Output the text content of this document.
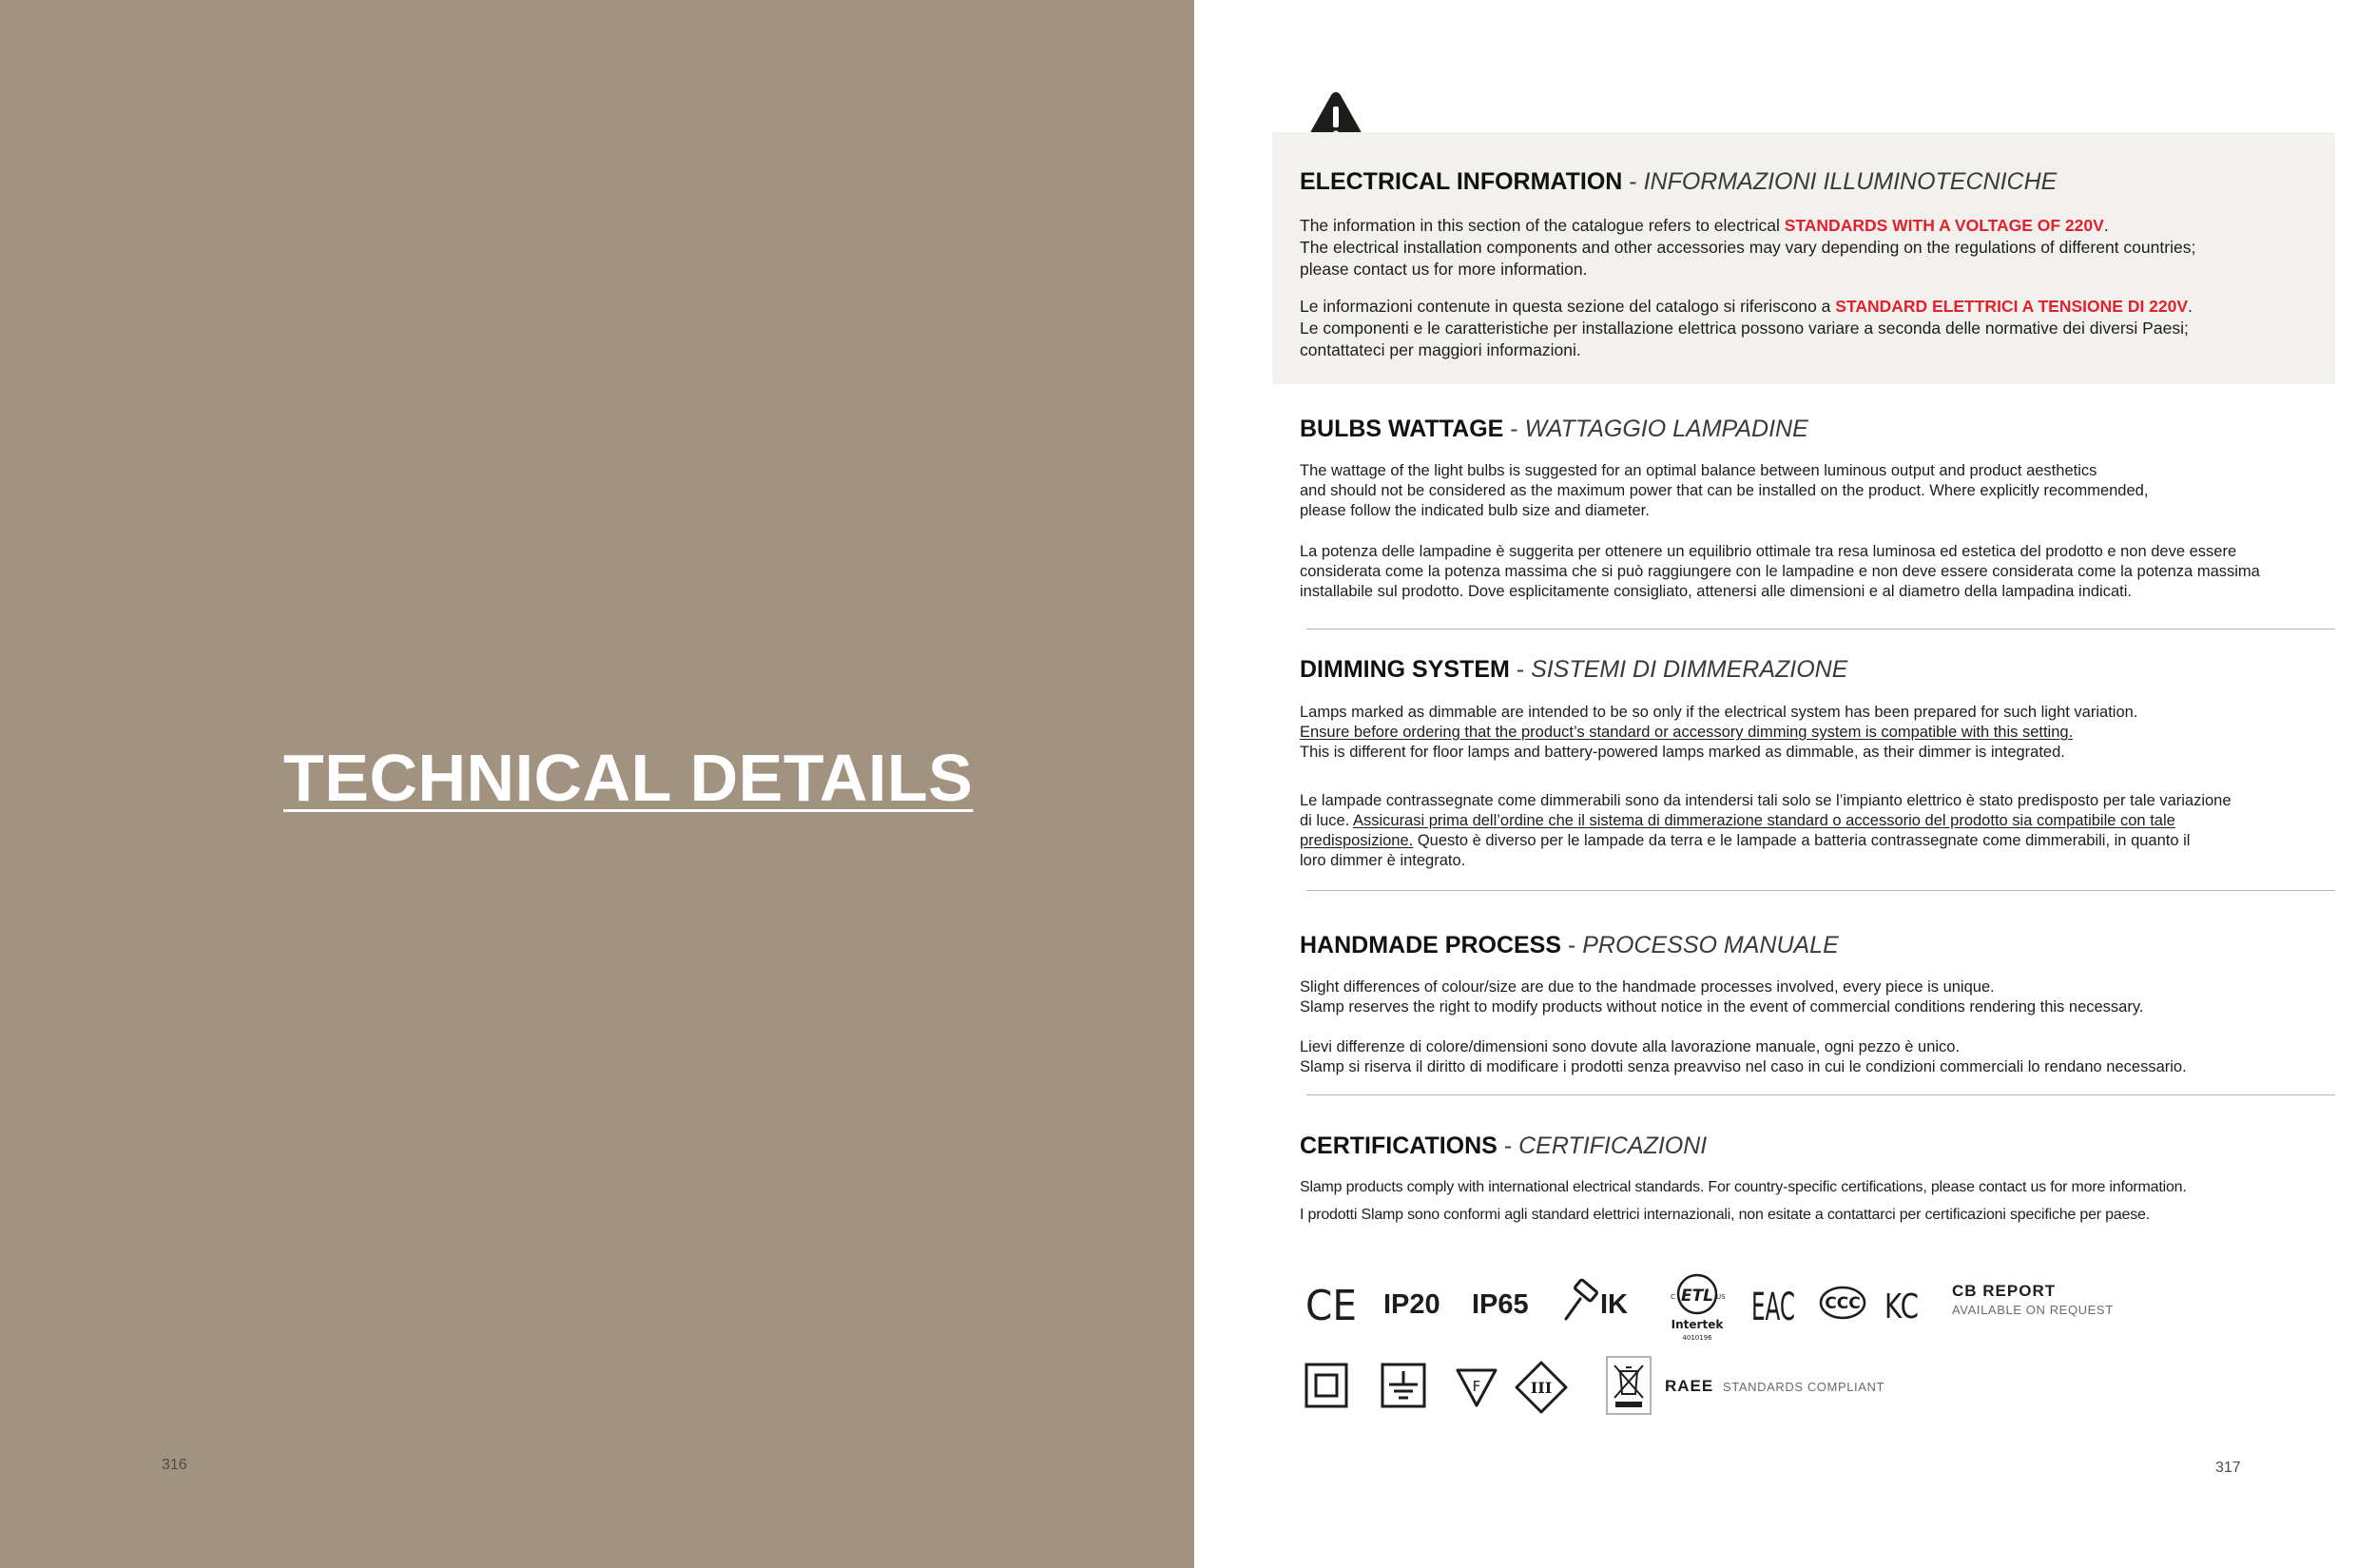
TECHNICAL DETAILS
316
ELECTRICAL INFORMATION - INFORMAZIONI ILLUMINOTECNICHE

The information in this section of the catalogue refers to electrical STANDARDS WITH A VOLTAGE OF 220V.
The electrical installation components and other accessories may vary depending on the regulations of different countries;
please contact us for more information.

Le informazioni contenute in questa sezione del catalogo si riferiscono a STANDARD ELETTRICI A TENSIONE DI 220V.
Le componenti e le caratteristiche per installazione elettrica possono variare a seconda delle normative dei diversi Paesi;
contattateci per maggiori informazioni.

BULBS WATTAGE - WATTAGGIO LAMPADINE

The wattage of the light bulbs is suggested for an optimal balance between luminous output and product aesthetics
and should not be considered as the maximum power that can be installed on the product. Where explicitly recommended,
please follow the indicated bulb size and diameter.

La potenza delle lampadine è suggerita per ottenere un equilibrio ottimale tra resa luminosa ed estetica del prodotto e non deve essere
considerata come la potenza massima che si può raggiungere con le lampadine e non deve essere considerata come la potenza massima
installabile sul prodotto. Dove esplicitamente consigliato, attenersi alle dimensioni e al diametro della lampadina indicati.

DIMMING SYSTEM - SISTEMI DI DIMMERAZIONE

Lamps marked as dimmable are intended to be so only if the electrical system has been prepared for such light variation.
Ensure before ordering that the product’s standard or accessory dimming system is compatible with this setting.
This is different for floor lamps and battery-powered lamps marked as dimmable, as their dimmer is integrated.

Le lampade contrassegnate come dimmerabili sono da intendersi tali solo se l’impianto elettrico è stato predisposto per tale variazione
di luce. Assicurasi prima dell’ordine che il sistema di dimmerazione standard o accessorio del prodotto sia compatibile con tale
predisposizione. Questo è diverso per le lampade da terra e le lampade a batteria contrassegnate come dimmerabili, in quanto il
loro dimmer è integrato.

HANDMADE PROCESS - PROCESSO MANUALE

Slight differences of colour/size are due to the handmade processes involved, every piece is unique.
Slamp reserves the right to modify products without notice in the event of commercial conditions rendering this necessary.

Lievi differenze di colore/dimensioni sono dovute alla lavorazione manuale, ogni pezzo è unico.
Slamp si riserva il diritto di modificare i prodotti senza preavviso nel caso in cui le condizioni commerciali lo rendano necessario.

CERTIFICATIONS - CERTIFICAZIONI

Slamp products comply with international electrical standards. For country-specific certifications, please contact us for more information.

I prodotti Slamp sono conformi agli standard elettrici internazionali, non esitate a contattarci per certificazioni specifiche per paese.

CE IP20 IP65	IK	ETL
C	US
Intertek
4010196
EAC CCC KC CB REPORT
AVAILABLE ON REQUEST
F	III	RAEE STANDARDS COMPLIANT
317
